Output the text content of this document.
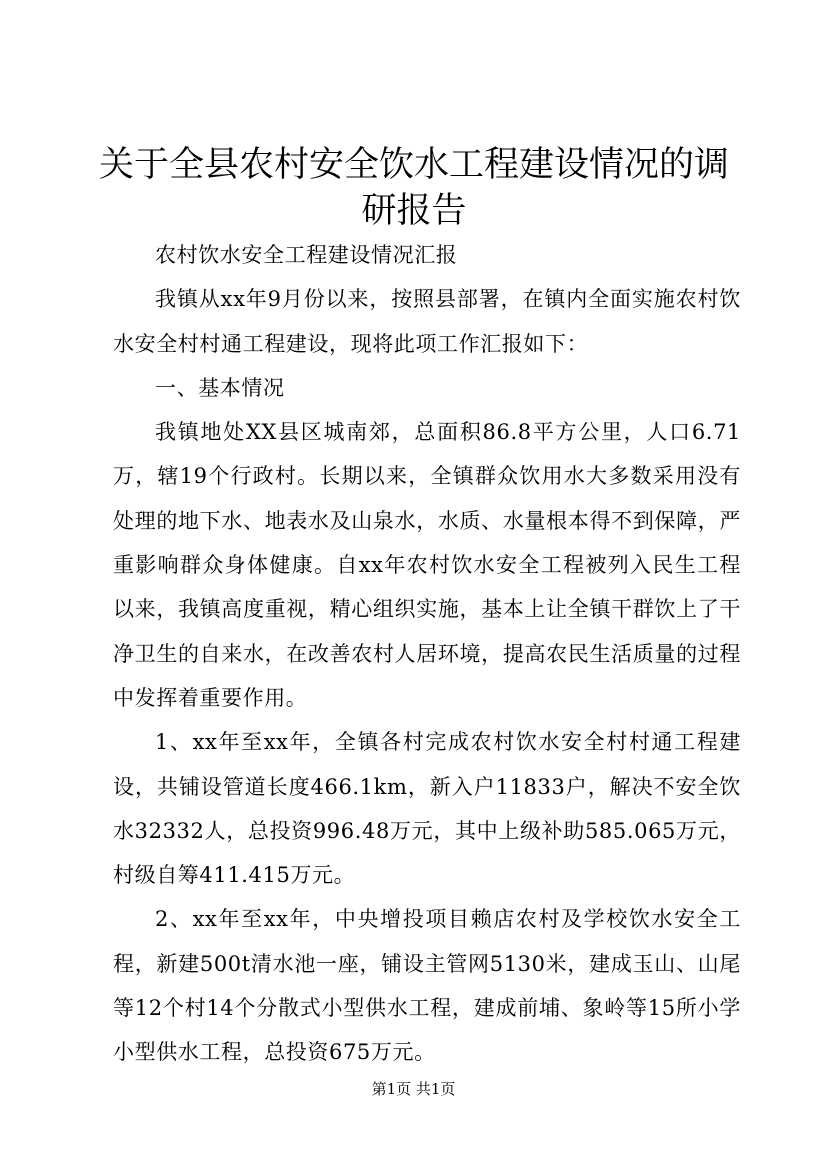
关于全县农村安全饮水工程建设情况的调研报告

农村饮水安全工程建设情况汇报

我镇从xx年9月份以来，按照县部署，在镇内全面实施农村饮水安全村村通工程建设，现将此项工作汇报如下：

一、基本情况

我镇地处XX县区城南郊，总面积86.8平方公里，人口6.71万，辖19个行政村。长期以来，全镇群众饮用水大多数采用没有处理的地下水、地表水及山泉水，水质、水量根本得不到保障，严重影响群众身体健康。自xx年农村饮水安全工程被列入民生工程以来，我镇高度重视，精心组织实施，基本上让全镇干群饮上了干净卫生的自来水，在改善农村人居环境，提高农民生活质量的过程中发挥着重要作用。

1、xx年至xx年，全镇各村完成农村饮水安全村村通工程建设，共铺设管道长度466.1km，新入户11833户，解决不安全饮水32332人，总投资996.48万元，其中上级补助585.065万元，村级自筹411.415万元。

2、xx年至xx年，中央增投项目赖店农村及学校饮水安全工程，新建500t清水池一座，铺设主管网5130米，建成玉山、山尾等12个村14个分散式小型供水工程，建成前埔、象岭等15所小学小型供水工程，总投资675万元。

第1页 共1页
